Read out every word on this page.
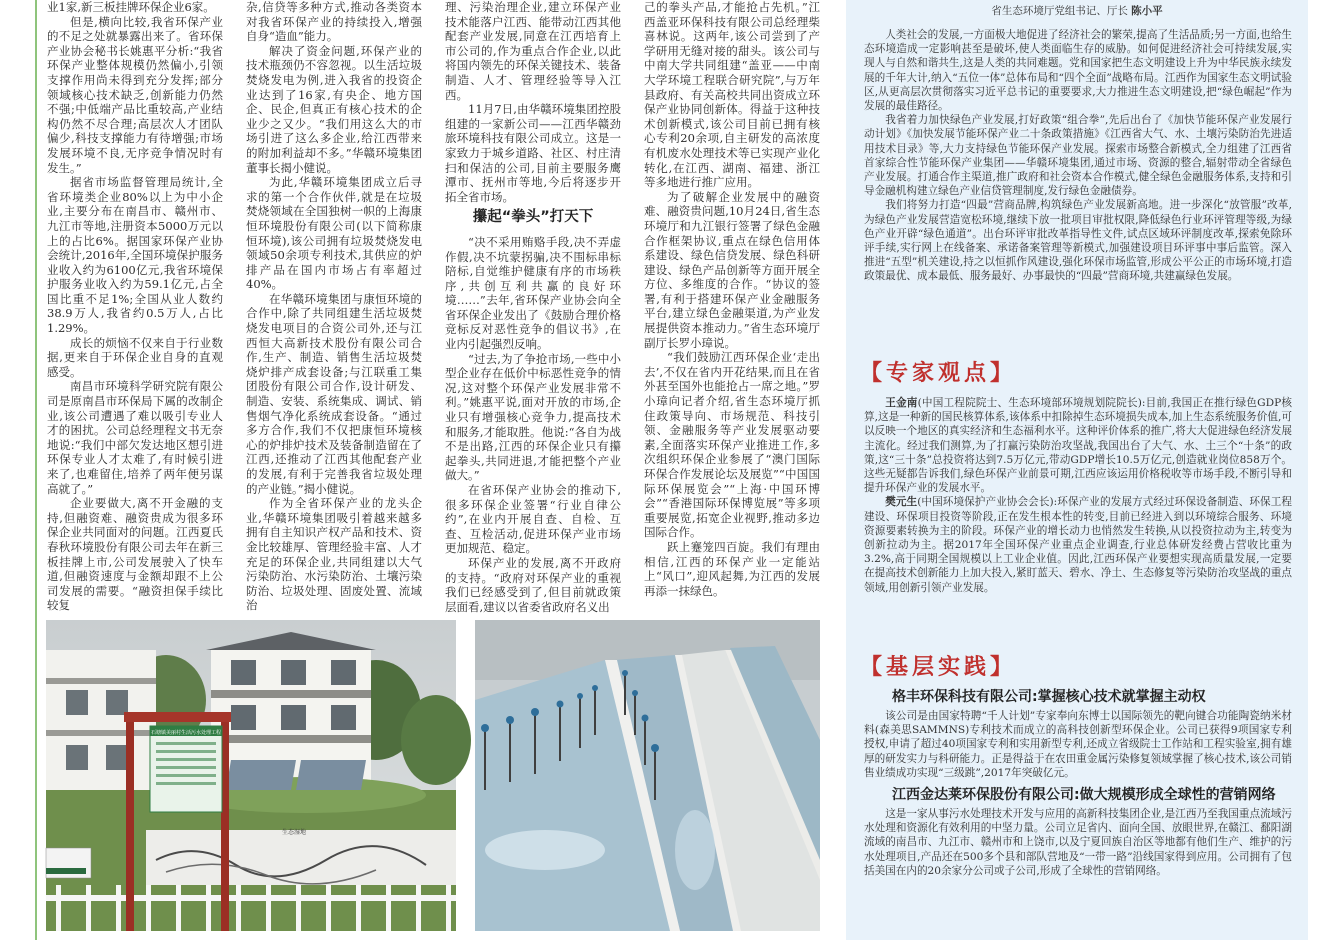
业1家,新三板挂牌环保企业6家。

但是,横向比较,我省环保产业的不足之处就暴露出来了。省环保产业协会秘书长姚惠平分析:“我省环保产业整体规模仍然偏小,引领支撑作用尚未得到充分发挥;部分领域核心技术缺乏,创新能力仍然不强;中低端产品比重较高,产业结构仍然不尽合理;高层次人才团队偏少,科技支撑能力有待增强;市场发展环境不良,无序竞争情况时有发生。”

据省市场监督管理局统计,全省环境类企业80%以上为中小企业,主要分布在南昌市、赣州市、九江市等地,注册资本5000万元以上的占比6%。据国家环保产业协会统计,2016年,全国环境保护服务业收入约为6100亿元,我省环境保护服务业收入约为59.1亿元,占全国比重不足1%;全国从业人数约38.9万人,我省约0.5万人,占比1.29%。

成长的烦恼不仅来自于行业数据,更来自于环保企业自身的直观感受。

南昌市环境科学研究院有限公司是原南昌市环保局下属的改制企业,该公司遭遇了难以吸引专业人才的困扰。公司总经理程文书无奈地说:“我们中部欠发达地区想引进环保专业人才太难了,有时候引进来了,也难留住,培养了两年便另谋高就了。”

企业要做大,离不开金融的支持,但融资难、融资贵成为很多环保企业共同面对的问题。江西夏氏春秋环境股份有限公司去年在新三板挂牌上市,公司发展驶入了快车道,但融资速度与金额却跟不上公司发展的需要。“融资担保手续比较复

杂,信贷等多种方式,推动各类资本对我省环保产业的持续投入,增强自身“造血”能力。

解决了资金问题,环保产业的技术瓶颈仍不容忽视。以生活垃圾焚烧发电为例,进入我省的投资企业达到了16家,有央企、地方国企、民企,但真正有核心技术的企业少之又少。“我们用这么大的市场引进了这么多企业,给江西带来的附加利益却不多。”华赣环境集团董事长揭小健说。

为此,华赣环境集团成立后寻求的第一个合作伙伴,就是在垃圾焚烧领域在全国独树一帜的上海康恒环境股份有限公司(以下简称康恒环境),该公司拥有垃圾焚烧发电领域50余项专利技术,其供应的炉排产品在国内市场占有率超过40%。

在华赣环境集团与康恒环境的合作中,除了共同组建生活垃圾焚烧发电项目的合资公司外,还与江西恒大高新技术股份有限公司合作,生产、制造、销售生活垃圾焚烧炉排产成套设备;与江联重工集团股份有限公司合作,设计研发、制造、安装、系统集成、调试、销售烟气净化系统成套设备。“通过多方合作,我们不仅把康恒环境核心的炉排炉技术及装备制造留在了江西,还推动了江西其他配套产业的发展,有利于完善我省垃圾处理的产业链。”揭小健说。

作为全省环保产业的龙头企业,华赣环境集团吸引着越来越多拥有自主知识产权产品和技术、资金比较雄厚、管理经验丰富、人才充足的环保企业,共同组建以大气污染防治、水污染防治、土壤污染防治、垃圾处理、固废处置、流域治

理、污染治理企业,建立环保产业技术能落户江西、能带动江西其他配套产业发展,同意在江西培育上市公司的,作为重点合作企业,以此将国内领先的环保关键技术、装备制造、人才、管理经验等导入江西。

11月7日,由华赣环境集团控股组建的一家新公司——江西华赣劲旅环境科技有限公司成立。这是一家致力于城乡道路、社区、村庄清扫和保洁的公司,目前主要服务鹰潭市、抚州市等地,今后将逐步开拓全省市场。

攥起“拳头”打天下

“决不采用贿赂手段,决不弄虚作假,决不坑蒙拐骗,决不围标串标陪标,自觉维护健康有序的市场秩序,共创互利共赢的良好环境……”去年,省环保产业协会向全省环保企业发出了《鼓励合理价格竞标反对恶性竞争的倡议书》,在业内引起强烈反响。

“过去,为了争抢市场,一些中小型企业存在低价中标恶性竞争的情况,这对整个环保产业发展非常不利。”姚惠平说,面对开放的市场,企业只有增强核心竞争力,提高技术和服务,才能取胜。他说:“各自为战不是出路,江西的环保企业只有攥起拳头,共同进退,才能把整个产业做大。”

在省环保产业协会的推动下,很多环保企业签署“行业自律公约”,在业内开展自查、自检、互查、互检活动,促进环保产业市场更加规范、稳定。

环保产业的发展,离不开政府的支持。“政府对环保产业的重视我们已经感受到了,但目前就政策层面看,建议以省委省政府名义出

己的拳头产品,才能抢占先机。”江西盖亚环保科技有限公司总经理柴喜林说。这两年,该公司尝到了产学研用无缝对接的甜头。该公司与中南大学共同组建“盖亚——中南大学环境工程联合研究院”,与万年县政府、有关高校共同出资成立环保产业协同创新体。得益于这种技术创新模式,该公司目前已拥有核心专利20余项,自主研发的高浓度有机废水处理技术等已实现产业化转化,在江西、湖南、福建、浙江等多地进行推广应用。

为了破解企业发展中的融资难、融资贵问题,10月24日,省生态环境厅和九江银行签署了绿色金融合作框架协议,重点在绿色信用体系建设、绿色信贷发展、绿色科研建设、绿色产品创新等方面开展全方位、多维度的合作。“协议的签署,有利于搭建环保产业金融服务平台,建立绿色金融渠道,为产业发展提供资本推动力。”省生态环境厅副厅长罗小璋说。

“我们鼓励江西环保企业‘走出去’,不仅在省内开花结果,而且在省外甚至国外也能抢占一席之地。”罗小璋向记者介绍,省生态环境厅抓住政策导向、市场规范、科技引领、金融服务等产业发展驱动要素,全面落实环保产业推进工作,多次组织环保企业参展了“澳门国际环保合作发展论坛及展览”“中国国际环保展览会”“上海·中国环博会”“香港国际环保博览展”等多项重要展览,拓宽企业视野,推动多边国际合作。

跃上蹇笼四百旋。我们有理由相信,江西的环保产业一定能站上“风口”,迎风起舞,为江西的发展再添一抹绿色。

石塘镇美丽村生活污水处理工程
生态湿地
省生态环境厅党组书记、厅长 陈小平

人类社会的发展,一方面极大地促进了经济社会的繁荣,提高了生活品质;另一方面,也给生态环境造成一定影响甚至是破坏,使人类面临生存的威胁。如何促进经济社会可持续发展,实现人与自然和谐共生,这是人类的共同难题。党和国家把生态文明建设上升为中华民族永续发展的千年大计,纳入“五位一体”总体布局和“四个全面”战略布局。江西作为国家生态文明试验区,从更高层次贯彻落实习近平总书记的重要要求,大力推进生态文明建设,把“绿色崛起”作为发展的最佳路径。

我省着力加快绿色产业发展,打好政策“组合拳”,先后出台了《加快节能环保产业发展行动计划》《加快发展节能环保产业二十条政策措施》《江西省大气、水、土壤污染防治先进适用技术目录》等,大力支持绿色节能环保产业发展。探索市场整合新模式,全力组建了江西省首家综合性节能环保产业集团——华赣环境集团,通过市场、资源的整合,辐射带动全省绿色产业发展。打通合作主渠道,推广政府和社会资本合作模式,健全绿色金融服务体系,支持和引导金融机构建立绿色产业信贷管理制度,发行绿色金融债券。

我们将努力打造“四最”营商品牌,构筑绿色产业发展新高地。进一步深化“放管服”改革,为绿色产业发展营造宽松环境,继续下放一批项目审批权限,降低绿色行业环评管理等级,为绿色产业开辟“绿色通道”。出台环评审批改革指导性文件,试点区域环评制度改革,探索免除环评手续,实行网上在线备案、承诺备案管理等新模式,加强建设项目环评事中事后监管。深入推进“五型”机关建设,持之以恒抓作风建设,强化环保市场监管,形成公平公正的市场环境,打造政策最优、成本最低、服务最好、办事最快的“四最”营商环境,共建赢绿色发展。

【专家观点】

王金南(中国工程院院士、生态环境部环境规划院院长):目前,我国正在推行绿色GDP核算,这是一种新的国民核算体系,该体系中扣除掉生态环境损失成本,加上生态系统服务价值,可以反映一个地区的真实经济和生态福利水平。这种评价体系的推广,将大大促进绿色经济发展主流化。经过我们测算,为了打赢污染防治攻坚战,我国出台了大气、水、土三个“十条”的政策,这“三十条”总投资将达到7.5万亿元,带动GDP增长10.5万亿元,创造就业岗位858万个。这些无疑都告诉我们,绿色环保产业前景可期,江西应该运用价格税收等市场手段,不断引导和提升环保产业的发展水平。

樊元生(中国环境保护产业协会会长):环保产业的发展方式经过环保设备制造、环保工程建设、环保项目投资等阶段,正在发生根本性的转变,目前已经进入到以环境综合服务、环境资源要素转换为主的阶段。环保产业的增长动力也悄然发生转换,从以投资拉动为主,转变为创新拉动为主。据2017年全国环保产业重点企业调查,行业总体研发经费占营收比重为3.2%,高于同期全国规模以上工业企业值。因此,江西环保产业要想实现高质量发展,一定要在提高技术创新能力上加大投入,紧盯蓝天、碧水、净土、生态修复等污染防治攻坚战的重点领域,用创新引领产业发展。

【基层实践】
格丰环保科技有限公司:掌握核心技术就掌握主动权

该公司是由国家特聘“千人计划”专家奉向东博士以国际领先的靶向键合功能陶瓷纳米材料(森美思SAMMNS)专利技术而成立的高科技创新型环保企业。公司已获得9项国家专利授权,申请了超过40项国家专利和实用新型专利,还成立省级院士工作站和工程实验室,拥有雄厚的研发实力与科研能力。正是得益于在农田重金属污染修复领域掌握了核心技术,该公司销售业绩成功实现“三级跳”,2017年突破亿元。

江西金达莱环保股份有限公司:做大规模形成全球性的营销网络

这是一家从事污水处理技术开发与应用的高新科技集团企业,是江西乃至我国重点流域污水处理和资源化有效利用的中坚力量。公司立足省内、面向全国、放眼世界,在赣江、鄱阳湖流域的南昌市、九江市、赣州市和上饶市,以及宁夏回族自治区等地都有他们生产、维护的污水处理项目,产品还在500多个县和部队营地及“一带一路”沿线国家得到应用。公司拥有了包括美国在内的20余家分公司或子公司,形成了全球性的营销网络。
